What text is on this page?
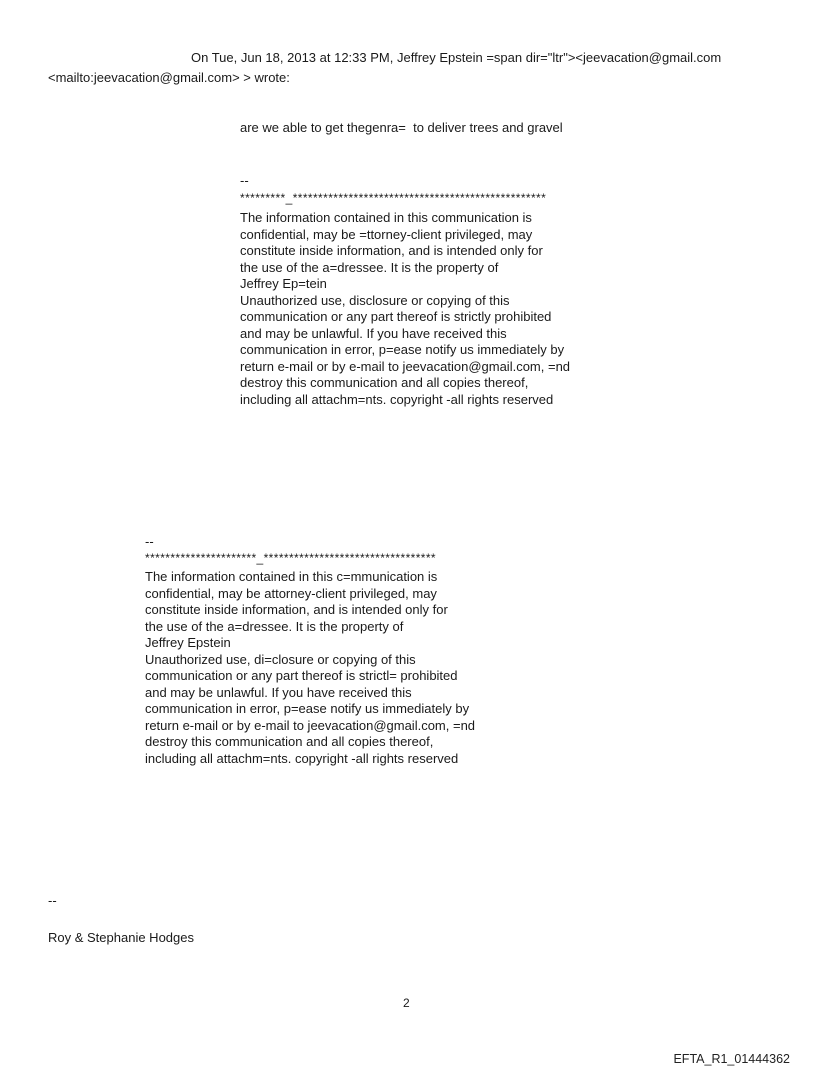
On Tue, Jun 18, 2013 at 12:33 PM, Jeffrey Epstein =span dir="ltr"><jeevacation@gmail.com
<mailto:jeevacation@gmail.com> > wrote:
are we able to get thegenra=  to deliver trees and gravel
--
*********_**************************************************
The information contained in this communication is
confidential, may be =ttorney-client privileged, may
constitute inside information, and is intended only for
the use of the a=dressee. It is the property of
Jeffrey Ep=tein
Unauthorized use, disclosure or copying of this
communication or any part thereof is strictly prohibited
and may be unlawful. If you have received this
communication in error, p=ease notify us immediately by
return e-mail or by e-mail to jeevacation@gmail.com, =nd
destroy this communication and all copies thereof,
including all attachm=nts. copyright -all rights reserved
--
**********************_**********************************
The information contained in this c=mmunication is
confidential, may be attorney-client privileged, may
constitute inside information, and is intended only for
the use of the a=dressee. It is the property of
Jeffrey Epstein
Unauthorized use, di=closure or copying of this
communication or any part thereof is strictl= prohibited
and may be unlawful. If you have received this
communication in error, p=ease notify us immediately by
return e-mail or by e-mail to jeevacation@gmail.com, =nd
destroy this communication and all copies thereof,
including all attachm=nts. copyright -all rights reserved
--
Roy & Stephanie Hodges
2
EFTA_R1_01444362
